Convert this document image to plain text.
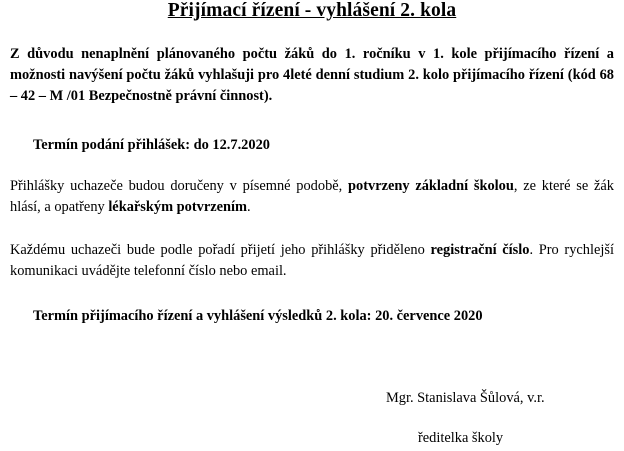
Přijímací řízení - vyhlášení 2. kola

Z důvodu nenaplnění plánovaného počtu žáků do 1. ročníku v 1. kole přijímacího řízení a možnosti navýšení počtu žáků vyhlašuji pro 4leté denní studium 2. kolo přijímacího řízení (kód 68 – 42 – M /01 Bezpečnostně právní činnost).

Termín podání přihlášek: do 12.7.2020

Přihlášky uchazeče budou doručeny v písemné podobě, potvrzeny základní školou, ze které se žák hlásí, a opatřeny lékařským potvrzením.

Každému uchazeči bude podle pořadí přijetí jeho přihlášky přiděleno registrační číslo. Pro rychlejší komunikaci uvádějte telefonní číslo nebo email.

Termín přijímacího řízení a vyhlášení výsledků 2. kola: 20. července 2020

Mgr. Stanislava Šůlová, v.r.
ředitelka školy
